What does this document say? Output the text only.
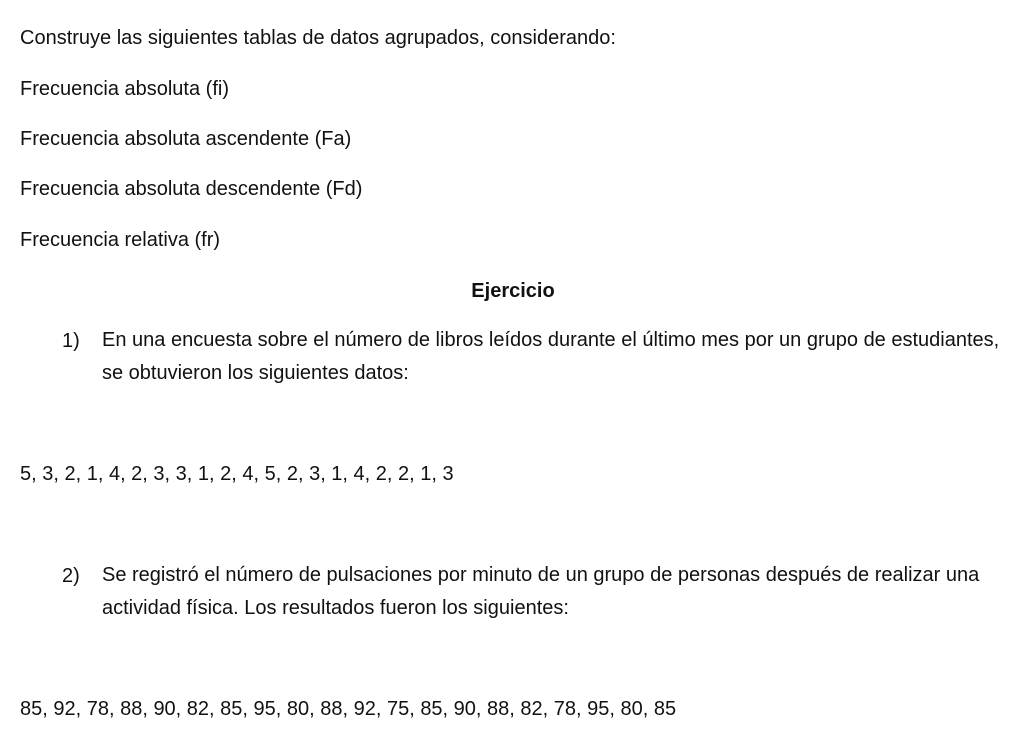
Construye las siguientes tablas de datos agrupados, considerando:
Frecuencia absoluta (fi)
Frecuencia absoluta ascendente (Fa)
Frecuencia absoluta descendente (Fd)
Frecuencia relativa (fr)
Ejercicio
1) En una encuesta sobre el número de libros leídos durante el último mes por un grupo de estudiantes, se obtuvieron los siguientes datos:
5, 3, 2, 1, 4, 2, 3, 3, 1, 2, 4, 5, 2, 3, 1, 4, 2, 2, 1, 3
2) Se registró el número de pulsaciones por minuto de un grupo de personas después de realizar una actividad física. Los resultados fueron los siguientes:
85, 92, 78, 88, 90, 82, 85, 95, 80, 88, 92, 75, 85, 90, 88, 82, 78, 95, 80, 85
